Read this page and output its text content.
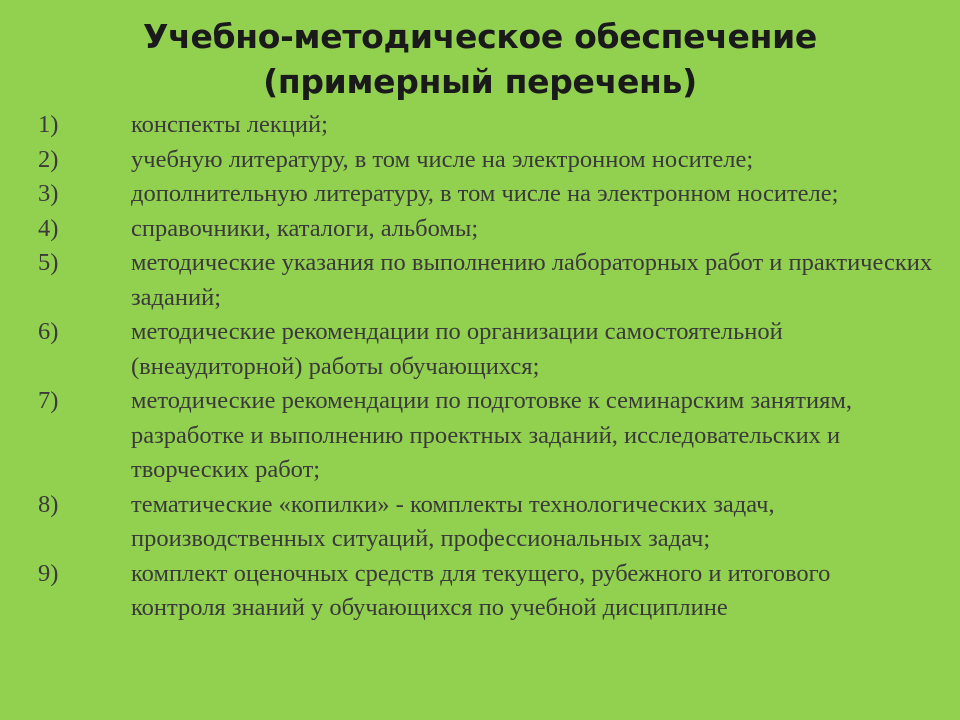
Учебно-методическое обеспечение
(примерный перечень)
1)	конспекты лекций;
2)	учебную литературу, в том числе на электронном носителе;
3)	дополнительную литературу, в том числе на электронном носителе;
4)	справочники, каталоги, альбомы;
5)	методические указания по выполнению лабораторных работ и практических заданий;
6)	методические рекомендации по организации самостоятельной (внеаудиторной) работы обучающихся;
7)	методические рекомендации по подготовке к семинарским занятиям, разработке и выполнению проектных заданий, исследовательских и творческих работ;
8)	тематические «копилки» - комплекты технологических задач, производственных ситуаций, профессиональных задач;
9)	комплект оценочных средств для текущего, рубежного и итогового контроля знаний у обучающихся по учебной дисциплине
